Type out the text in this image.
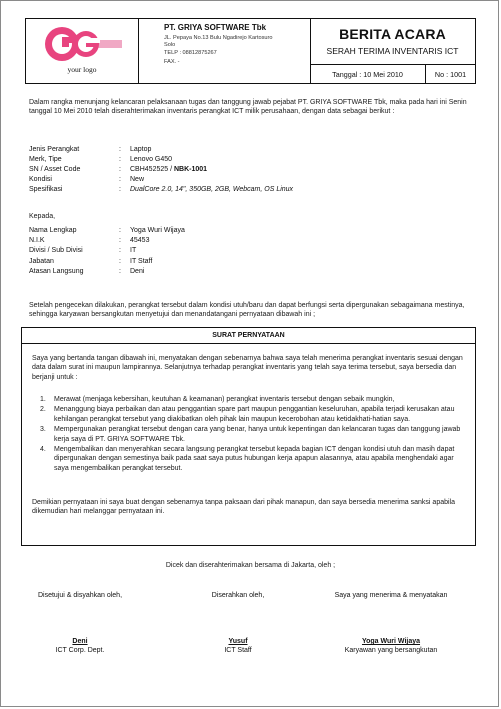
your logo
PT. GRIYA SOFTWARE Tbk
JL. Pepaya No.13 Bulu Ngadirejo Kartosuro
Solo
TELP : 08812875267
FAX. -
BERITA ACARA
SERAH TERIMA INVENTARIS ICT
Tanggal : 10 Mei 2010	No : 1001
Dalam rangka menunjang kelancaran pelaksanaan tugas dan tanggung jawab pejabat PT. GRIYA SOFTWARE Tbk, maka pada hari ini Senin tanggal 10 Mei 2010 telah diserahterimakan inventaris perangkat ICT milik perusahaan, dengan data sebagai berikut :
Jenis Perangkat	: Laptop
Merk, Tipe	: Lenovo G450
SN / Asset Code	: CBH452525 / NBK-1001
Kondisi	: New
Spesifikasi	: DualCore 2.0, 14", 350GB, 2GB, Webcam, OS Linux
Kepada,
Nama Lengkap	: Yoga Wuri Wijaya
N.I.K	: 45453
Divisi / Sub Divisi	: IT
Jabatan	: IT Staff
Atasan Langsung	: Deni
Setelah pengecekan dilakukan, perangkat tersebut dalam kondisi utuh/baru dan dapat berfungsi serta dipergunakan sebagaimana mestinya, sehingga karyawan bersangkutan menyetujui dan menandatangani pernyataan dibawah ini ;
SURAT PERNYATAAN
Saya yang bertanda tangan dibawah ini, menyatakan dengan sebenarnya bahwa saya telah menerima perangkat inventaris sesuai dengan data dalam surat ini maupun lampirannya. Selanjutnya terhadap perangkat inventaris yang telah saya terima tersebut, saya bersedia dan berjanji untuk :
1. Merawat (menjaga kebersihan, keutuhan & keamanan) perangkat inventaris tersebut dengan sebaik mungkin,
2. Menanggung biaya perbaikan dan atau penggantian spare part maupun penggantian keseluruhan, apabila terjadi kerusakan atau kehilangan perangkat tersebut yang diakibatkan oleh pihak lain maupun kecerobohan atau ketidakhati-hatian saya.
3. Mempergunakan perangkat tersebut dengan cara yang benar, hanya untuk kepentingan dan kelancaran tugas dan tanggung jawab kerja saya di PT. GRIYA SOFTWARE Tbk.
4. Mengembalikan dan menyerahkan secara langsung perangkat tersebut kepada bagian ICT dengan kondisi utuh dan masih dapat dipergunakan dengan semestinya baik pada saat saya putus hubungan kerja apapun alasannya, atau apabila menghendaki agar saya mengembalikan perangkat tersebut.
Demikian pernyataan ini saya buat dengan sebenarnya tanpa paksaan dari pihak manapun, dan saya bersedia menerima sanksi apabila dikemudian hari melanggar pernyataan ini.
Dicek dan diserahterimakan bersama di Jakarta, oleh ;
Disetujui & disyahkan oleh,	Diserahkan oleh,	Saya yang menerima & menyatakan
Deni
ICT Corp. Dept.
Yusuf
ICT Staff
Yoga Wuri Wijaya
Karyawan yang bersangkutan
